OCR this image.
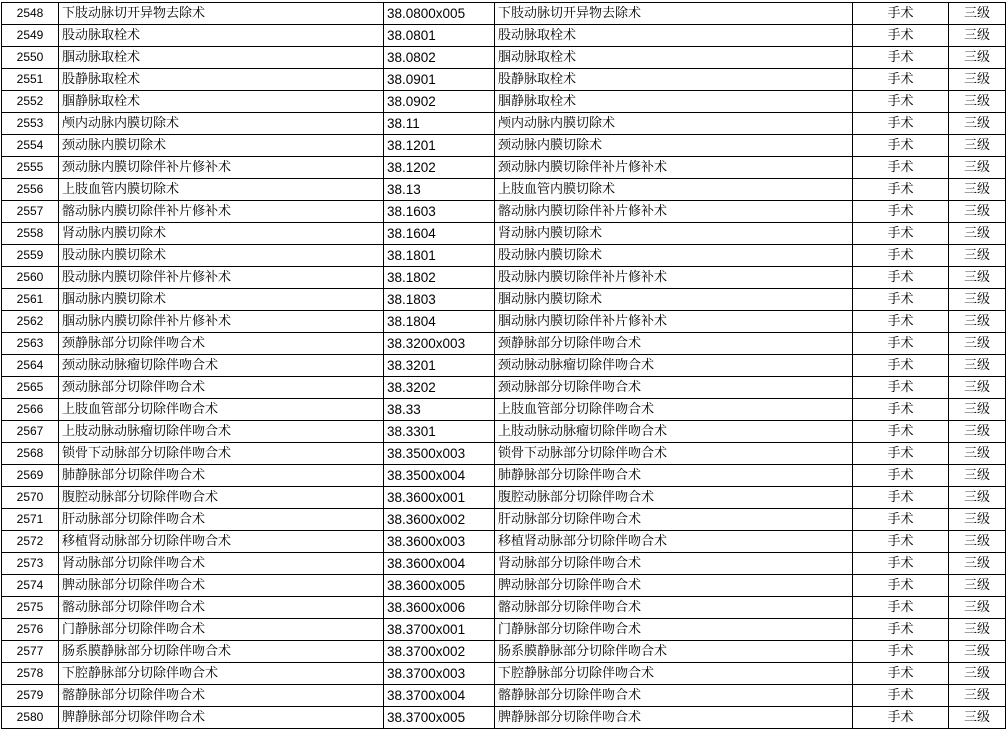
2548	下肢动脉切开异物去除术	38.0800x005	下肢动脉切开异物去除术	手术	三级
2549	股动脉取栓术	38.0801	股动脉取栓术	手术	三级
2550	腘动脉取栓术	38.0802	腘动脉取栓术	手术	三级
2551	股静脉取栓术	38.0901	股静脉取栓术	手术	三级
2552	腘静脉取栓术	38.0902	腘静脉取栓术	手术	三级
2553	颅内动脉内膜切除术	38.11	颅内动脉内膜切除术	手术	三级
2554	颈动脉内膜切除术	38.1201	颈动脉内膜切除术	手术	三级
2555	颈动脉内膜切除伴补片修补术	38.1202	颈动脉内膜切除伴补片修补术	手术	三级
2556	上肢血管内膜切除术	38.13	上肢血管内膜切除术	手术	三级
2557	髂动脉内膜切除伴补片修补术	38.1603	髂动脉内膜切除伴补片修补术	手术	三级
2558	肾动脉内膜切除术	38.1604	肾动脉内膜切除术	手术	三级
2559	股动脉内膜切除术	38.1801	股动脉内膜切除术	手术	三级
2560	股动脉内膜切除伴补片修补术	38.1802	股动脉内膜切除伴补片修补术	手术	三级
2561	腘动脉内膜切除术	38.1803	腘动脉内膜切除术	手术	三级
2562	腘动脉内膜切除伴补片修补术	38.1804	腘动脉内膜切除伴补片修补术	手术	三级
2563	颈静脉部分切除伴吻合术	38.3200x003	颈静脉部分切除伴吻合术	手术	三级
2564	颈动脉动脉瘤切除伴吻合术	38.3201	颈动脉动脉瘤切除伴吻合术	手术	三级
2565	颈动脉部分切除伴吻合术	38.3202	颈动脉部分切除伴吻合术	手术	三级
2566	上肢血管部分切除伴吻合术	38.33	上肢血管部分切除伴吻合术	手术	三级
2567	上肢动脉动脉瘤切除伴吻合术	38.3301	上肢动脉动脉瘤切除伴吻合术	手术	三级
2568	锁骨下动脉部分切除伴吻合术	38.3500x003	锁骨下动脉部分切除伴吻合术	手术	三级
2569	肺静脉部分切除伴吻合术	38.3500x004	肺静脉部分切除伴吻合术	手术	三级
2570	腹腔动脉部分切除伴吻合术	38.3600x001	腹腔动脉部分切除伴吻合术	手术	三级
2571	肝动脉部分切除伴吻合术	38.3600x002	肝动脉部分切除伴吻合术	手术	三级
2572	移植肾动脉部分切除伴吻合术	38.3600x003	移植肾动脉部分切除伴吻合术	手术	三级
2573	肾动脉部分切除伴吻合术	38.3600x004	肾动脉部分切除伴吻合术	手术	三级
2574	脾动脉部分切除伴吻合术	38.3600x005	脾动脉部分切除伴吻合术	手术	三级
2575	髂动脉部分切除伴吻合术	38.3600x006	髂动脉部分切除伴吻合术	手术	三级
2576	门静脉部分切除伴吻合术	38.3700x001	门静脉部分切除伴吻合术	手术	三级
2577	肠系膜静脉部分切除伴吻合术	38.3700x002	肠系膜静脉部分切除伴吻合术	手术	三级
2578	下腔静脉部分切除伴吻合术	38.3700x003	下腔静脉部分切除伴吻合术	手术	三级
2579	髂静脉部分切除伴吻合术	38.3700x004	髂静脉部分切除伴吻合术	手术	三级
2580	脾静脉部分切除伴吻合术	38.3700x005	脾静脉部分切除伴吻合术	手术	三级
